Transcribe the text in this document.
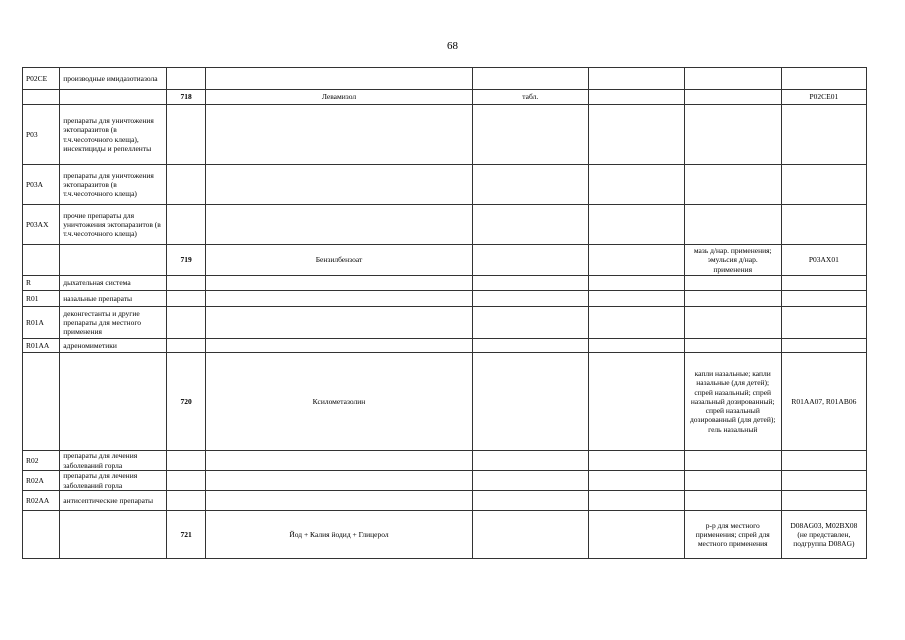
68
P02CE	производные имидазотиазола						
		718	Левамизол	табл.			P02CE01
P03	препараты для уничтожения эктопаразитов (в т.ч.чесоточного клеща), инсектициды и репелленты						
P03A	препараты для уничтожения эктопаразитов (в т.ч.чесоточного клеща)						
P03AX	прочие препараты для уничтожения эктопаразитов (в т.ч.чесоточного клеща)						
		719	Бензилбензоат			мазь д/нар. применения; эмульсия д/нар. применения	P03AX01
R	дыхательная система						
R01	назальные препараты						
R01A	деконгестанты и другие препараты для местного применения						
R01AA	адреномиметики						
		720	Ксилометазолин			капли назальные; капли назальные (для детей); спрей назальный; спрей назальный дозированный; спрей назальный дозированный (для детей); гель назальный	R01AA07, R01AB06
R02	препараты для лечения заболеваний горла						
R02A	препараты для лечения заболеваний горла						
R02AA	антисептические препараты						
		721	Йод + Калия йодид + Глицерол			р-р для местного применения; спрей для местного применения	D08AG03, M02BX08 (не представлен, подгруппа D08AG)
